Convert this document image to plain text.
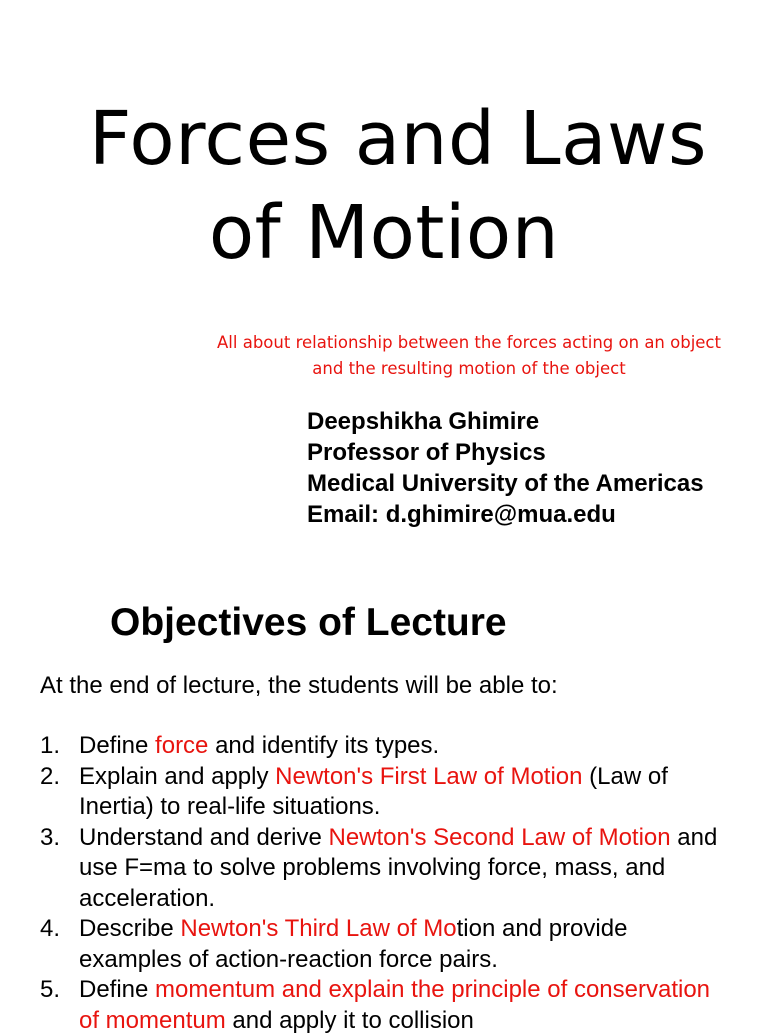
Forces and Laws
of Motion
All about relationship between the forces acting on an object
and the resulting motion of the object
Deepshikha Ghimire
Professor of Physics
Medical University of the Americas
Email: d.ghimire@mua.edu
Objectives of Lecture

At the end of lecture, the students will be able to:

1. Define force and identify its types.
2. Explain and apply Newton's First Law of Motion (Law of Inertia) to real-life situations.
3. Understand and derive Newton's Second Law of Motion and use F=ma to solve problems involving force, mass, and acceleration.
4. Describe Newton's Third Law of Motion and provide examples of action-reaction force pairs.
5. Define momentum and explain the principle of conservation of momentum and apply it to collision
